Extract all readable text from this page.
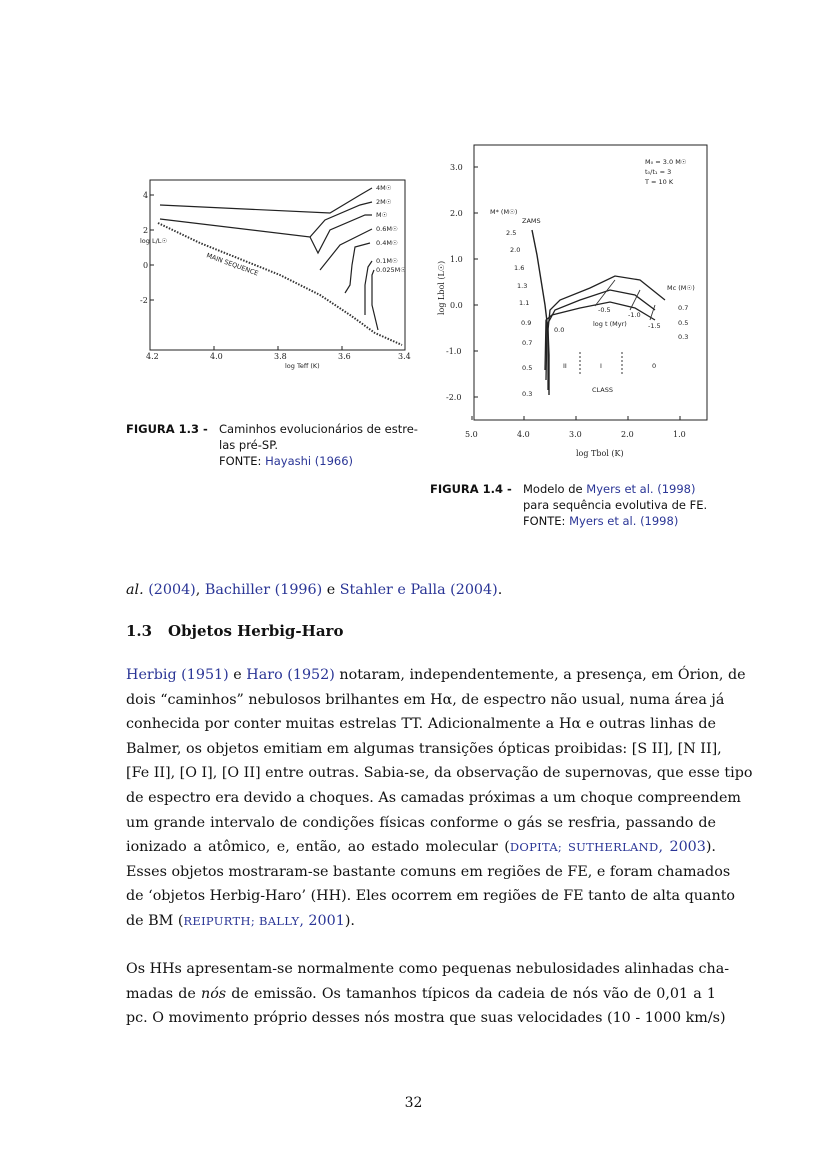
4.2	4.0	3.8	3.6	3.4
4
2
0
-2
log Teff (K)
log L/L☉
MAIN SEQUENCE
4M☉
2M☉
M☉
0.6M☉
0.4M☉
0.1M☉
0.025M☉
FIGURA 1.3 - Caminhos evolucionários de estre-
las pré-SP.
FONTE: Hayashi (1966)
3.0
2.0
1.0
0.0
-1.0
-2.0
5.0	4.0	3.0	2.0	1.0
log Tbol (K)
log Lbol (L☉)
M₀ = 3.0 M☉
t₀/t₁ = 3
T = 10 K
M* (M☉)
ZAMS
2.5
2.0
1.6
1.3
1.1
0.9
0.7
0.5
0.3
Mc (M☉)
0.7
0.5
0.3
-0.5
-1.0
-1.5
0.0
log t (Myr)
II	I	0
CLASS
FIGURA 1.4 - Modelo de Myers et al. (1998)
para sequência evolutiva de FE.
FONTE: Myers et al. (1998)
al. (2004), Bachiller (1996) e Stahler e Palla (2004).
1.3 Objetos Herbig-Haro
Herbig (1951) e Haro (1952) notaram, independentemente, a presença, em Órion, de
dois “caminhos” nebulosos brilhantes em Hα, de espectro não usual, numa área já
conhecida por conter muitas estrelas TT. Adicionalmente a Hα e outras linhas de
Balmer, os objetos emitiam em algumas transições ópticas proibidas: [S II], [N II],
[Fe II], [O I], [O II] entre outras. Sabia-se, da observação de supernovas, que esse tipo
de espectro era devido a choques. As camadas próximas a um choque compreendem
um grande intervalo de condições físicas conforme o gás se resfria, passando de
ionizado a atômico, e, então, ao estado molecular (DOPITA; SUTHERLAND, 2003).
Esses objetos mostraram-se bastante comuns em regiões de FE, e foram chamados
de ‘objetos Herbig-Haro’ (HH). Eles ocorrem em regiões de FE tanto de alta quanto
de BM (REIPURTH; BALLY, 2001).
Os HHs apresentam-se normalmente como pequenas nebulosidades alinhadas cha-
madas de nós de emissão. Os tamanhos típicos da cadeia de nós vão de 0,01 a 1
pc. O movimento próprio desses nós mostra que suas velocidades (10 - 1000 km/s)
32
